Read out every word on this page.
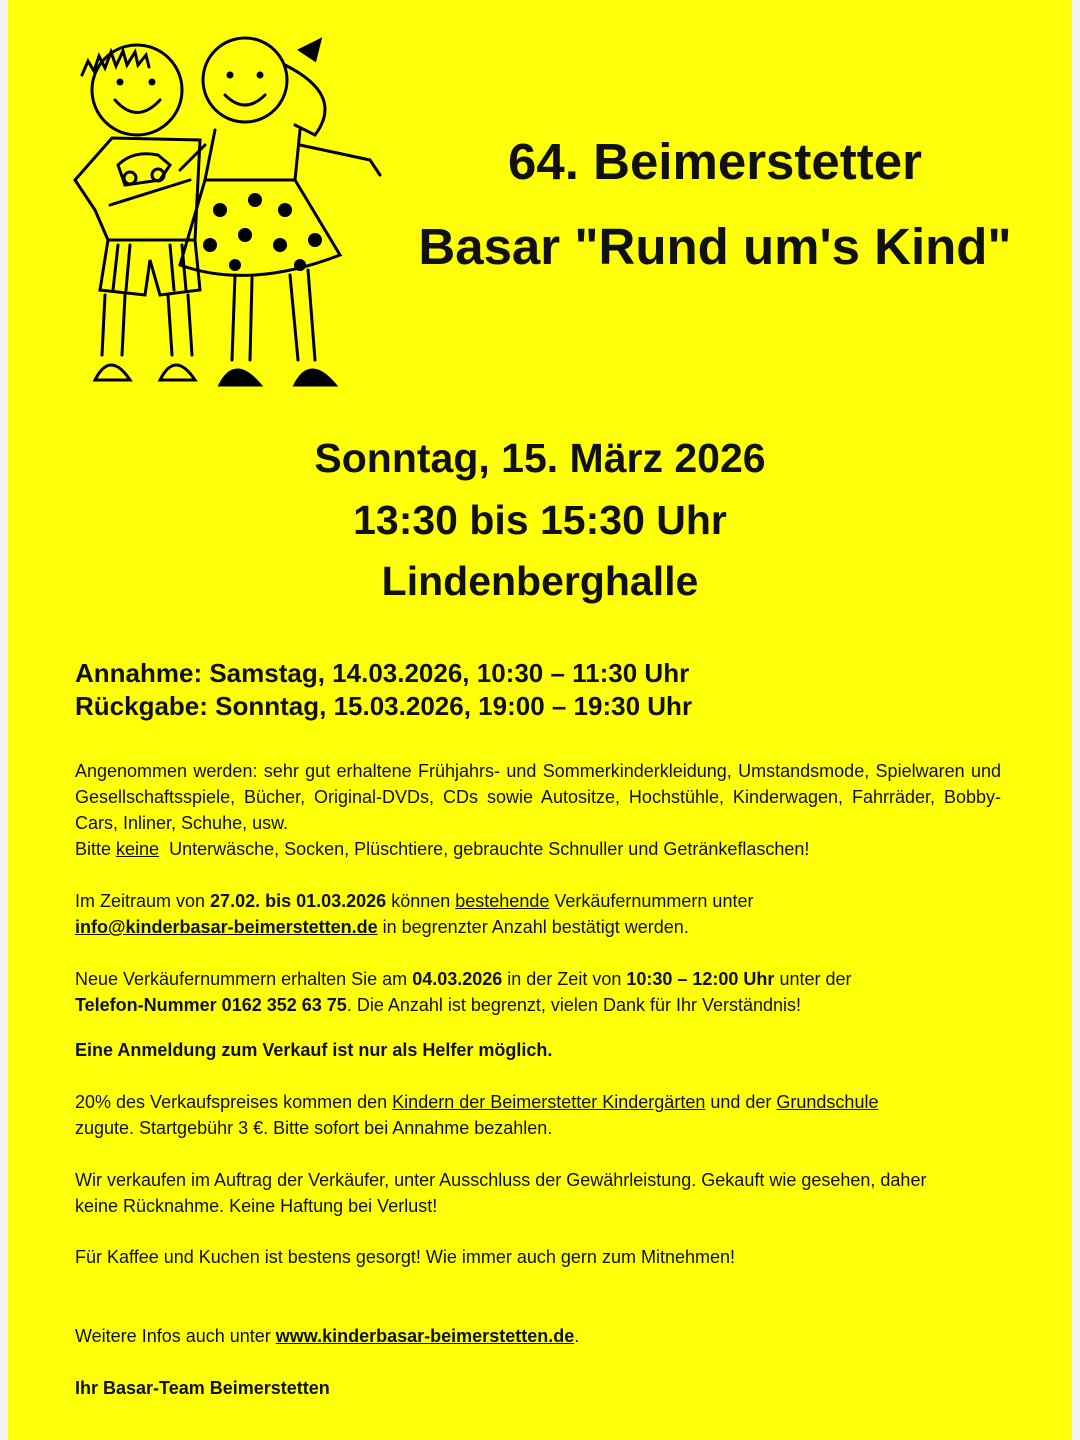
64. Beimerstetter
Basar "Rund um's Kind"
Sonntag, 15. März 2026
13:30 bis 15:30 Uhr
Lindenberghalle
Annahme: Samstag, 14.03.2026, 10:30 – 11:30 Uhr
Rückgabe: Sonntag, 15.03.2026, 19:00 – 19:30 Uhr
Angenommen werden: sehr gut erhaltene Frühjahrs- und Sommerkinderkleidung, Umstandsmode, Spielwaren und Gesellschaftsspiele, Bücher, Original-DVDs, CDs sowie Autositze, Hochstühle, Kinderwagen, Fahrräder, Bobby-Cars, Inliner, Schuhe, usw.
Bitte keine  Unterwäsche, Socken, Plüschtiere, gebrauchte Schnuller und Getränkeflaschen!
Im Zeitraum von 27.02. bis 01.03.2026 können bestehende Verkäufernummern unter
info@kinderbasar-beimerstetten.de in begrenzter Anzahl bestätigt werden.
Neue Verkäufernummern erhalten Sie am 04.03.2026 in der Zeit von 10:30 – 12:00 Uhr unter der
Telefon-Nummer 0162 352 63 75. Die Anzahl ist begrenzt, vielen Dank für Ihr Verständnis!
Eine Anmeldung zum Verkauf ist nur als Helfer möglich.
20% des Verkaufspreises kommen den Kindern der Beimerstetter Kindergärten und der Grundschule
zugute. Startgebühr 3 €. Bitte sofort bei Annahme bezahlen.
Wir verkaufen im Auftrag der Verkäufer, unter Ausschluss der Gewährleistung. Gekauft wie gesehen, daher keine Rücknahme. Keine Haftung bei Verlust!
Für Kaffee und Kuchen ist bestens gesorgt! Wie immer auch gern zum Mitnehmen!
Weitere Infos auch unter www.kinderbasar-beimerstetten.de.
Ihr Basar-Team Beimerstetten
